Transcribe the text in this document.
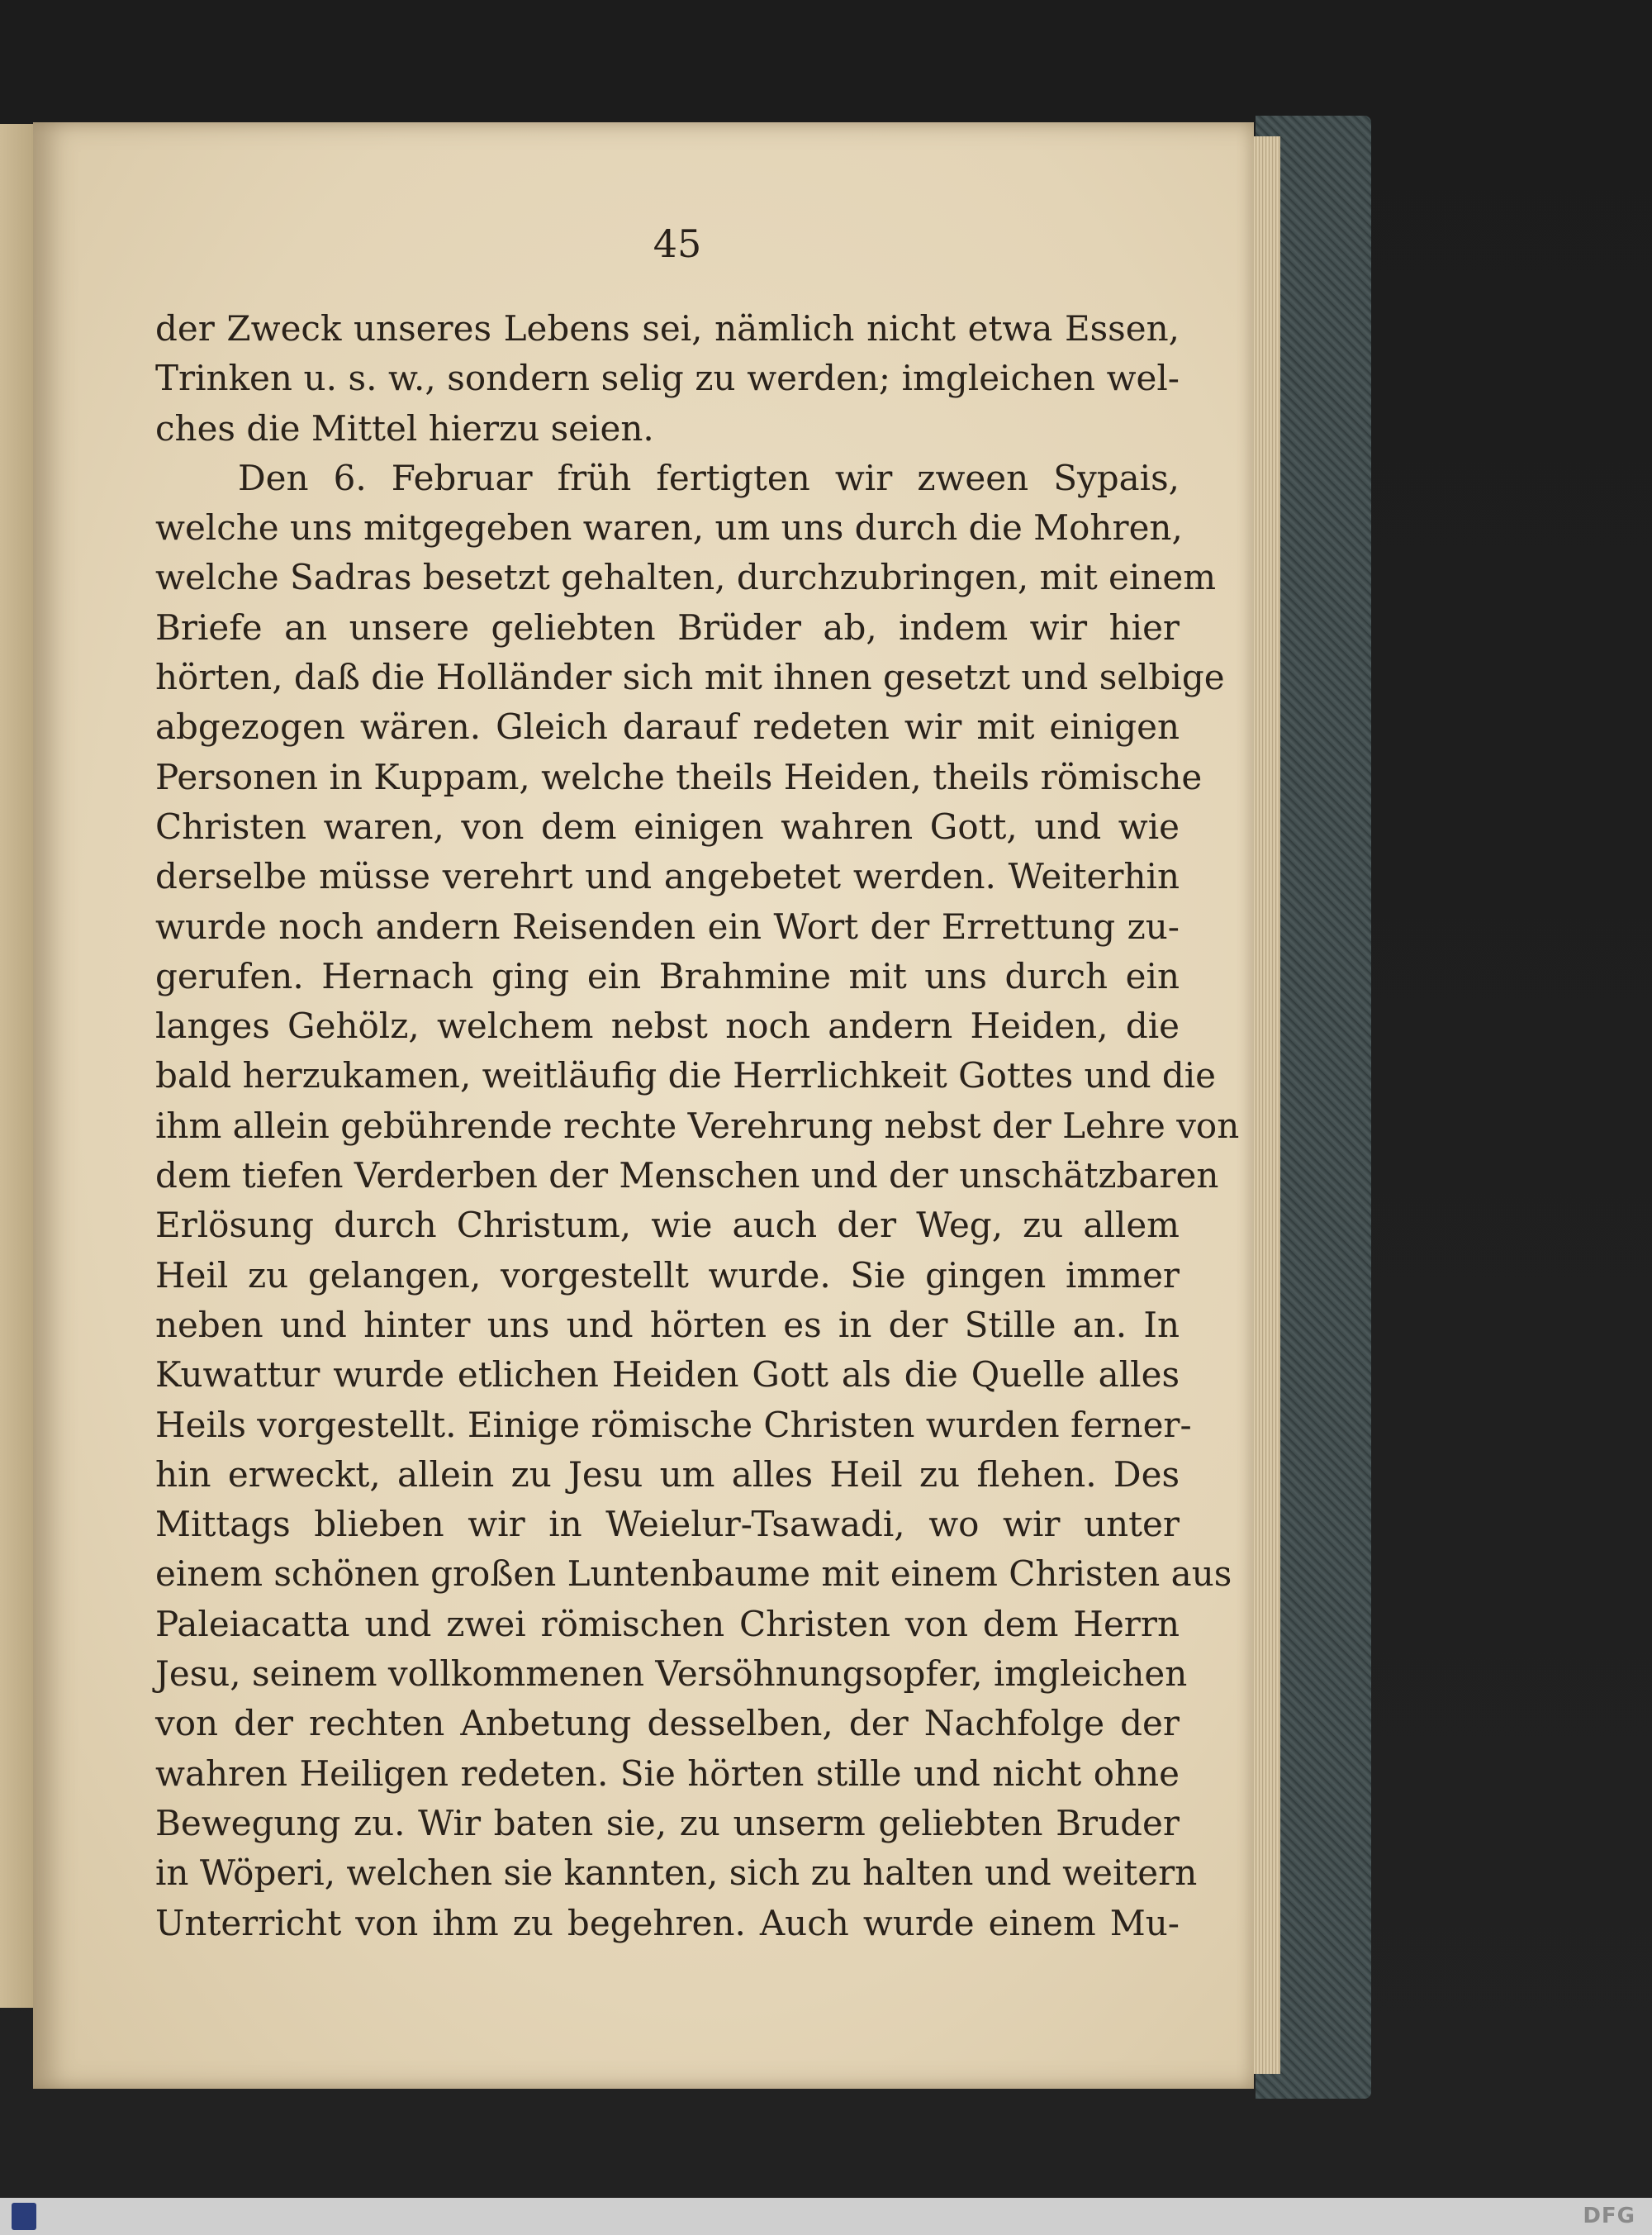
45
der Zweck unseres Lebens sei, nämlich nicht etwa Essen,
Trinken u. s. w., sondern selig zu werden; imgleichen wel-
ches die Mittel hierzu seien.
Den 6. Februar früh fertigten wir zween Sypais,
welche uns mitgegeben waren, um uns durch die Mohren,
welche Sadras besetzt gehalten, durchzubringen, mit einem
Briefe an unsere geliebten Brüder ab, indem wir hier
hörten, daß die Holländer sich mit ihnen gesetzt und selbige
abgezogen wären. Gleich darauf redeten wir mit einigen
Personen in Kuppam, welche theils Heiden, theils römische
Christen waren, von dem einigen wahren Gott, und wie
derselbe müsse verehrt und angebetet werden. Weiterhin
wurde noch andern Reisenden ein Wort der Errettung zu-
gerufen. Hernach ging ein Brahmine mit uns durch ein
langes Gehölz, welchem nebst noch andern Heiden, die
bald herzukamen, weitläufig die Herrlichkeit Gottes und die
ihm allein gebührende rechte Verehrung nebst der Lehre von
dem tiefen Verderben der Menschen und der unschätzbaren
Erlösung durch Christum, wie auch der Weg, zu allem
Heil zu gelangen, vorgestellt wurde. Sie gingen immer
neben und hinter uns und hörten es in der Stille an. In
Kuwattur wurde etlichen Heiden Gott als die Quelle alles
Heils vorgestellt. Einige römische Christen wurden ferner-
hin erweckt, allein zu Jesu um alles Heil zu flehen. Des
Mittags blieben wir in Weielur-Tsawadi, wo wir unter
einem schönen großen Luntenbaume mit einem Christen aus
Paleiacatta und zwei römischen Christen von dem Herrn
Jesu, seinem vollkommenen Versöhnungsopfer, imgleichen
von der rechten Anbetung desselben, der Nachfolge der
wahren Heiligen redeten. Sie hörten stille und nicht ohne
Bewegung zu. Wir baten sie, zu unserm geliebten Bruder
in Wöperi, welchen sie kannten, sich zu halten und weitern
Unterricht von ihm zu begehren. Auch wurde einem Mu-
DFG
